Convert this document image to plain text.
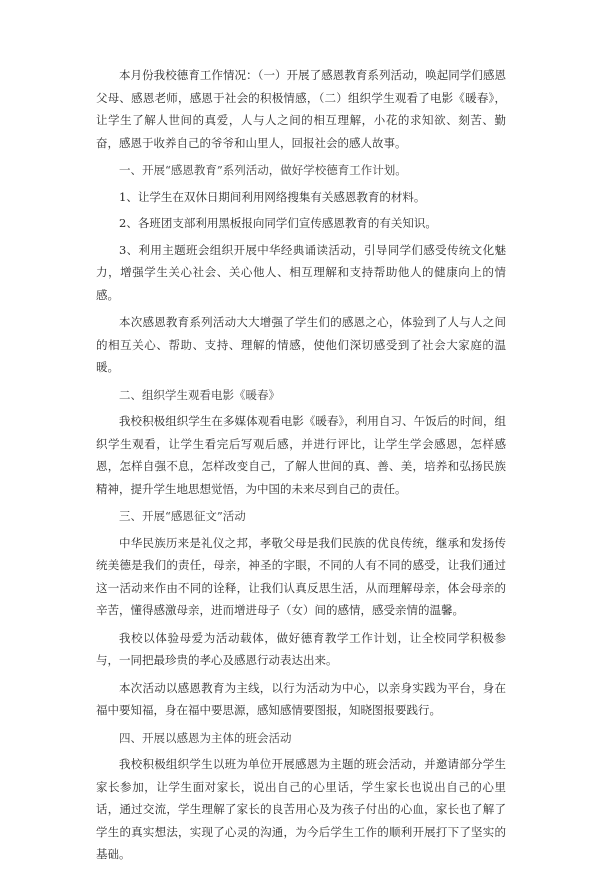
本月份我校德育工作情况：（一）开展了感恩教育系列活动，唤起同学们感恩父母、感恩老师，感恩于社会的积极情感，（二）组织学生观看了电影《暖春》，让学生了解人世间的真爱，人与人之间的相互理解，小花的求知欲、刻苦、勤奋，感恩于收养自己的爷爷和山里人，回报社会的感人故事。

一、开展“感恩教育”系列活动，做好学校德育工作计划。

1、让学生在双休日期间利用网络搜集有关感恩教育的材料。

2、各班团支部利用黑板报向同学们宣传感恩教育的有关知识。

3、利用主题班会组织开展中华经典诵读活动，引导同学们感受传统文化魅力，增强学生关心社会、关心他人、相互理解和支持帮助他人的健康向上的情感。

本次感恩教育系列活动大大增强了学生们的感恩之心，体验到了人与人之间的相互关心、帮助、支持、理解的情感，使他们深切感受到了社会大家庭的温暖。

二、组织学生观看电影《暖春》

我校积极组织学生在多媒体观看电影《暖春》，利用自习、午饭后的时间，组织学生观看，让学生看完后写观后感，并进行评比，让学生学会感恩，怎样感恩，怎样自强不息，怎样改变自己，了解人世间的真、善、美，培养和弘扬民族精神，提升学生地思想觉悟，为中国的未来尽到自己的责任。

三、开展“感恩征文”活动

中华民族历来是礼仪之邦，孝敬父母是我们民族的优良传统，继承和发扬传统美德是我们的责任，母亲，神圣的字眼，不同的人有不同的感受，让我们通过这一活动来作由不同的诠释，让我们认真反思生活，从而理解母亲，体会母亲的辛苦，懂得感激母亲，进而增进母子（女）间的感情，感受亲情的温馨。

我校以体验母爱为活动载体，做好德育教学工作计划，让全校同学积极参与，一同把最珍贵的孝心及感恩行动表达出来。

本次活动以感恩教育为主线，以行为活动为中心，以亲身实践为平台，身在福中要知福，身在福中要思源，感知感情要图报，知晓图报要践行。

四、开展以感恩为主体的班会活动

我校积极组织学生以班为单位开展感恩为主题的班会活动，并邀请部分学生家长参加，让学生面对家长，说出自己的心里话，学生家长也说出自己的心里话，通过交流，学生理解了家长的良苦用心及为孩子付出的心血，家长也了解了学生的真实想法，实现了心灵的沟通，为今后学生工作的顺利开展打下了坚实的基础。
